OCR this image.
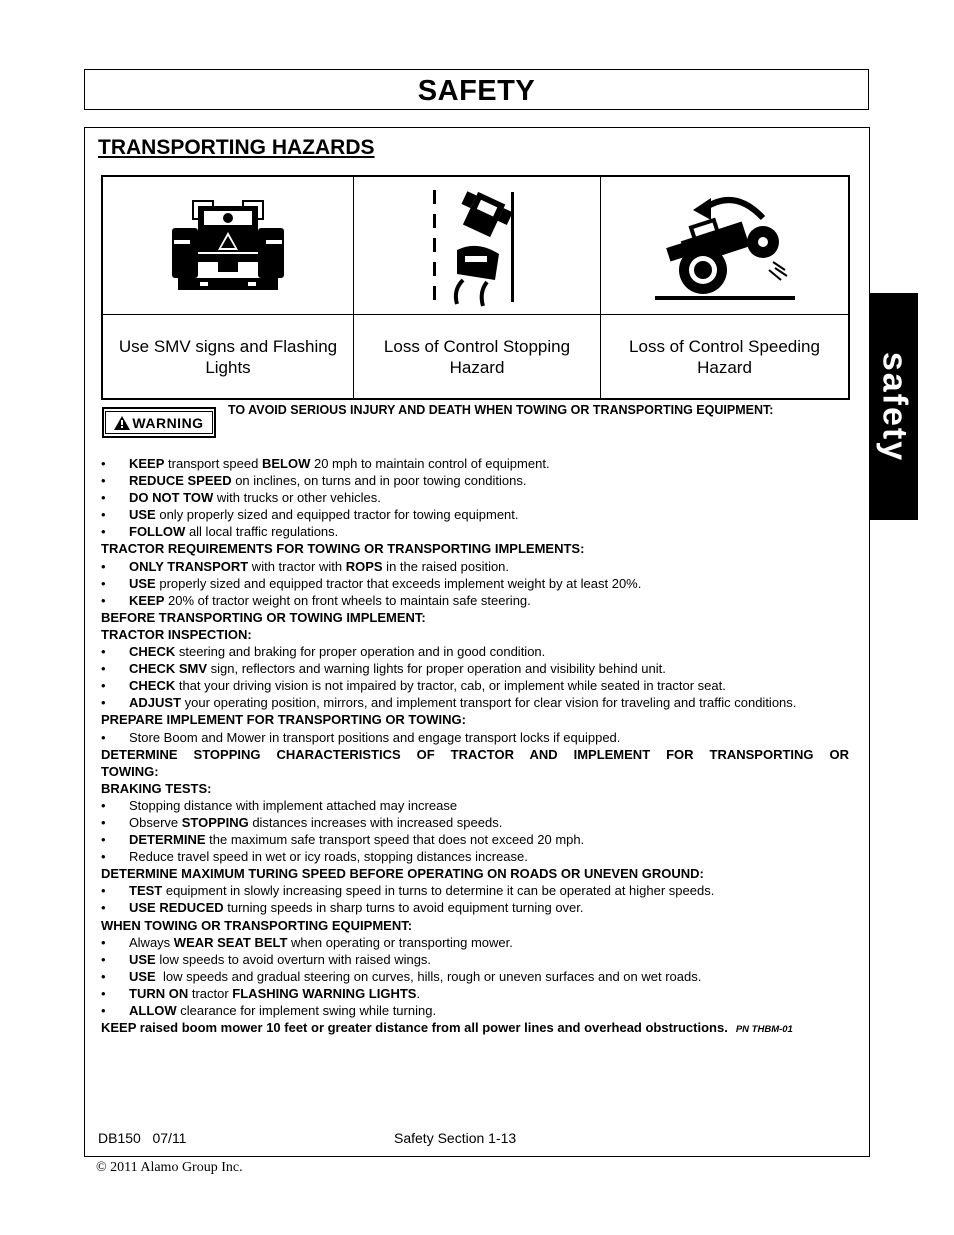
SAFETY
safety
TRANSPORTING HAZARDS
Use SMV signs and Flashing Lights
Loss of Control Stopping Hazard
Loss of Control Speeding Hazard
WARNING
TO AVOID SERIOUS INJURY AND DEATH WHEN TOWING OR TRANSPORTING EQUIPMENT:

• KEEP transport speed BELOW 20 mph to maintain control of equipment.

• REDUCE SPEED on inclines, on turns and in poor towing conditions.

• DO NOT TOW with trucks or other vehicles.

• USE only properly sized and equipped tractor for towing equipment.

• FOLLOW all local traffic regulations.

TRACTOR REQUIREMENTS FOR TOWING OR TRANSPORTING IMPLEMENTS:

• ONLY TRANSPORT with tractor with ROPS in the raised position.

• USE properly sized and equipped tractor that exceeds implement weight by at least 20%.

• KEEP 20% of tractor weight on front wheels to maintain safe steering.

BEFORE TRANSPORTING OR TOWING IMPLEMENT:

TRACTOR INSPECTION:

• CHECK steering and braking for proper operation and in good condition.

• CHECK SMV sign, reflectors and warning lights for proper operation and visibility behind unit.

• CHECK that your driving vision is not impaired by tractor, cab, or implement while seated in tractor seat.

• ADJUST your operating position, mirrors, and implement transport for clear vision for traveling and traffic conditions.

PREPARE IMPLEMENT FOR TRANSPORTING OR TOWING:

• Store Boom and Mower in transport positions and engage transport locks if equipped.

DETERMINE STOPPING CHARACTERISTICS OF TRACTOR AND IMPLEMENT FOR TRANSPORTING OR

TOWING:

BRAKING TESTS:

• Stopping distance with implement attached may increase

• Observe STOPPING distances increases with increased speeds.

• DETERMINE the maximum safe transport speed that does not exceed 20 mph.

• Reduce travel speed in wet or icy roads, stopping distances increase.

DETERMINE MAXIMUM TURING SPEED BEFORE OPERATING ON ROADS OR UNEVEN GROUND:

• TEST equipment in slowly increasing speed in turns to determine it can be operated at higher speeds.

• USE REDUCED turning speeds in sharp turns to avoid equipment turning over.

WHEN TOWING OR TRANSPORTING EQUIPMENT:

• Always WEAR SEAT BELT when operating or transporting mower.

• USE low speeds to avoid overturn with raised wings.

• USE  low speeds and gradual steering on curves, hills, rough or uneven surfaces and on wet roads.

• TURN ON tractor FLASHING WARNING LIGHTS.

• ALLOW clearance for implement swing while turning.

KEEP raised boom mower 10 feet or greater distance from all power lines and overhead obstructions. PN THBM-01

DB150   07/11	Safety Section 1-13
© 2011 Alamo Group Inc.
